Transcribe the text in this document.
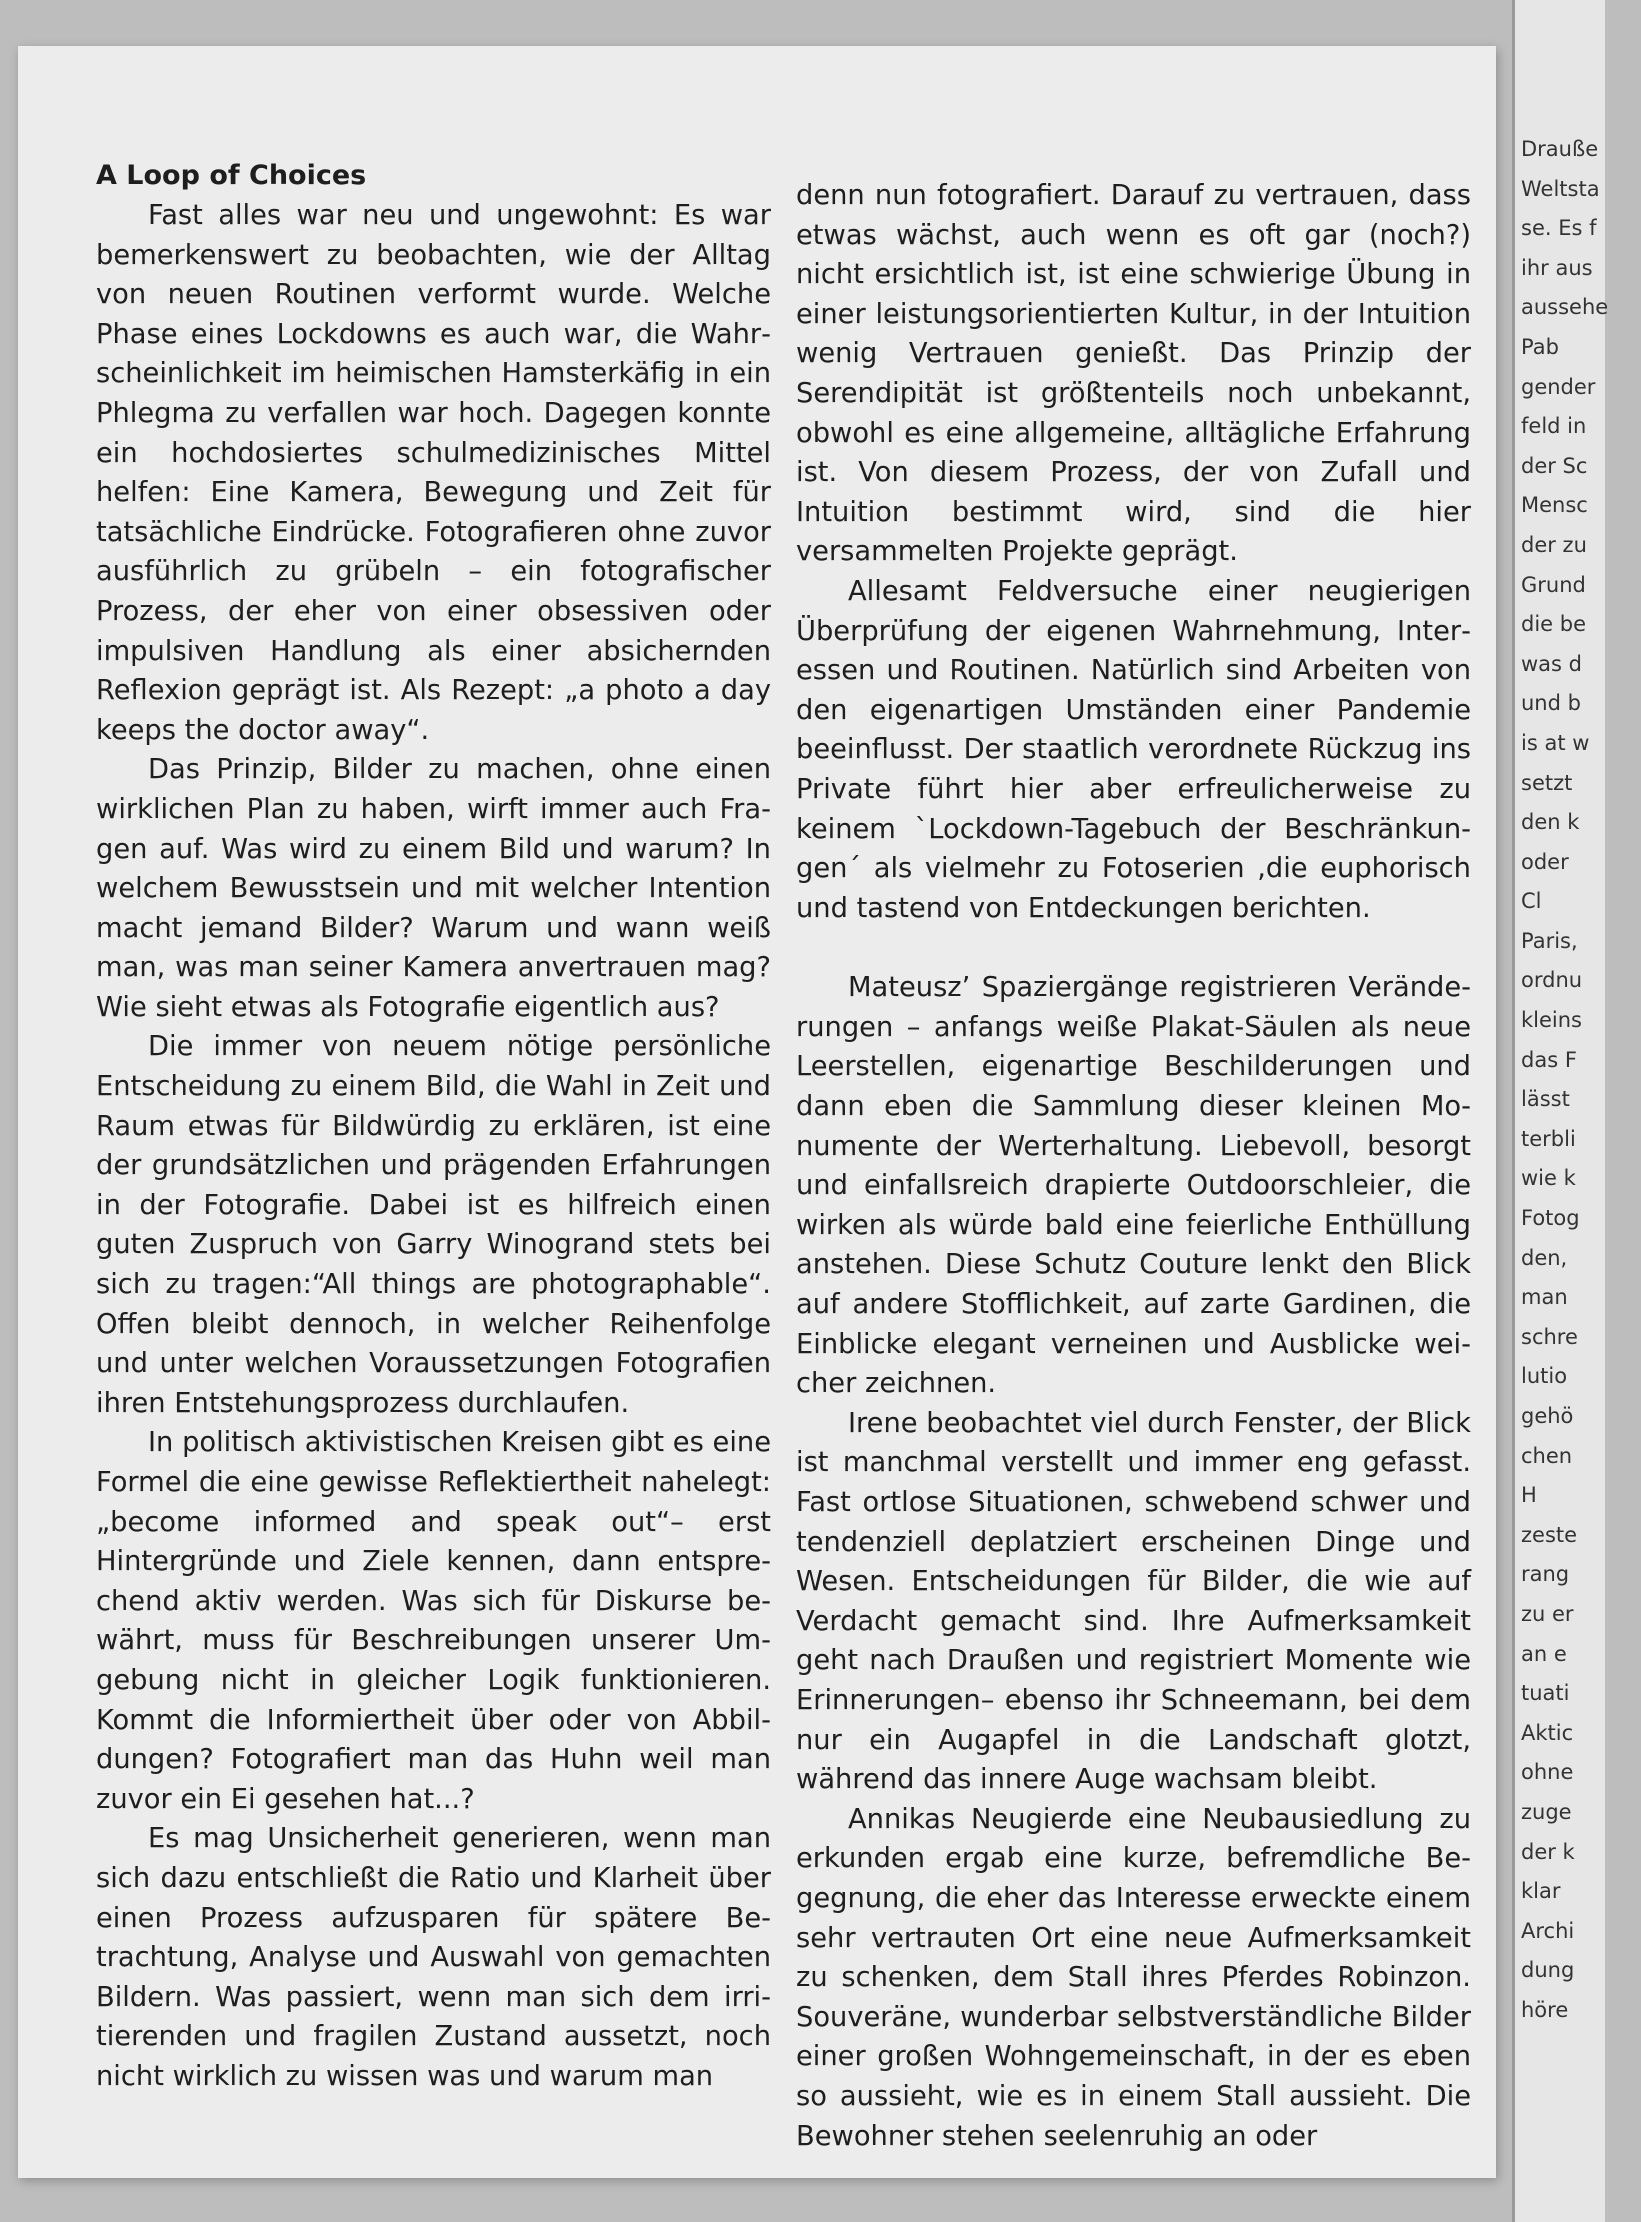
A Loop of Choices

Fast alles war neu und ungewohnt: Es war bemerkenswert zu beobachten, wie der Alltag von neuen Routinen verformt wurde. Welche Phase eines Lockdowns es auch war, die Wahrscheinlichkeit im heimischen Hamsterkäfig in ein Phlegma zu verfallen war hoch. Dagegen konnte ein hochdosiertes schulmedizinisches Mittel helfen: Eine Kamera, Bewegung und Zeit für tatsächliche Eindrücke. Fotografieren ohne zuvor ausführlich zu grübeln – ein fotografischer Prozess, der eher von einer obsessiven oder impulsiven Handlung als einer absichernden Reflexion geprägt ist. Als Rezept: „a photo a day keeps the doctor away“.

Das Prinzip, Bilder zu machen, ohne einen wirklichen Plan zu haben, wirft immer auch Fragen auf. Was wird zu einem Bild und warum? In welchem Bewusstsein und mit welcher Intention macht jemand Bilder? Warum und wann weiß man, was man seiner Kamera anvertrauen mag? Wie sieht etwas als Fotografie eigentlich aus?

Die immer von neuem nötige persönliche Entscheidung zu einem Bild, die Wahl in Zeit und Raum etwas für Bildwürdig zu erklären, ist eine der grundsätzlichen und prägenden Erfahrungen in der Fotografie. Dabei ist es hilfreich einen guten Zuspruch von Garry Winogrand stets bei sich zu tragen:“All things are photographable“. Offen bleibt dennoch, in welcher Reihenfolge und unter welchen Voraussetzungen Fotografien ihren Entstehungsprozess durchlaufen.

In politisch aktivistischen Kreisen gibt es eine Formel die eine gewisse Reflektiertheit nahelegt: „become informed and speak out“– erst Hintergründe und Ziele kennen, dann entsprechend aktiv werden. Was sich für Diskurse bewährt, muss für Beschreibungen unserer Umgebung nicht in gleicher Logik funktionieren. Kommt die Informiertheit über oder von Abbildungen? Fotografiert man das Huhn weil man zuvor ein Ei gesehen hat...?

Es mag Unsicherheit generieren, wenn man sich dazu entschließt die Ratio und Klarheit über einen Prozess aufzusparen für spätere Betrachtung, Analyse und Auswahl von gemachten Bildern. Was passiert, wenn man sich dem irritierenden und fragilen Zustand aussetzt, noch nicht wirklich zu wissen was und warum man

denn nun fotografiert. Darauf zu vertrauen, dass etwas wächst, auch wenn es oft gar (noch?) nicht ersichtlich ist, ist eine schwierige Übung in einer leistungsorientierten Kultur, in der Intuition wenig Vertrauen genießt. Das Prinzip der Serendipität ist größtenteils noch unbekannt, obwohl es eine allgemeine, alltägliche Erfahrung ist. Von diesem Prozess, der von Zufall und Intuition bestimmt wird, sind die hier versammelten Projekte geprägt.

Allesamt Feldversuche einer neugierigen Überprüfung der eigenen Wahrnehmung, Interessen und Routinen. Natürlich sind Arbeiten von den eigenartigen Umständen einer Pandemie beeinflusst. Der staatlich verordnete Rückzug ins Private führt hier aber erfreulicherweise zu keinem `Lockdown-Tagebuch der Beschränkungen´ als vielmehr zu Fotoserien ,die euphorisch und tastend von Entdeckungen berichten.

Mateusz’ Spaziergänge registrieren Veränderungen – anfangs weiße Plakat-Säulen als neue Leerstellen, eigenartige Beschilderungen und dann eben die Sammlung dieser kleinen Monumente der Werterhaltung. Liebevoll, besorgt und einfallsreich drapierte Outdoorschleier, die wirken als würde bald eine feierliche Enthüllung anstehen. Diese Schutz Couture lenkt den Blick auf andere Stofflichkeit, auf zarte Gardinen, die Einblicke elegant verneinen und Ausblicke weicher zeichnen.

Irene beobachtet viel durch Fenster, der Blick ist manchmal verstellt und immer eng gefasst. Fast ortlose Situationen, schwebend schwer und tendenziell deplatziert erscheinen Dinge und Wesen. Entscheidungen für Bilder, die wie auf Verdacht gemacht sind. Ihre Aufmerksamkeit geht nach Draußen und registriert Momente wie Erinnerungen– ebenso ihr Schneemann, bei dem nur ein Augapfel in die Landschaft glotzt, während das innere Auge wachsam bleibt.

Annikas Neugierde eine Neubausiedlung zu erkunden ergab eine kurze, befremdliche Begegnung, die eher das Interesse erweckte einem sehr vertrauten Ort eine neue Aufmerksamkeit zu schenken, dem Stall ihres Pferdes Robinzon. Souveräne, wunderbar selbstverständliche Bilder einer großen Wohngemeinschaft, in der es eben so aussieht, wie es in einem Stall aussieht. Die Bewohner stehen seelenruhig an oder

Drauße
Weltsta
se. Es f
ihr aus
aussehe
Pab
gender
feld in
der Sc
Mensc
der zu
Grund
die be
was d
und b
is at w
setzt
den k
oder
Cl
Paris,
ordnu
kleins
das F
lässt
terbli
wie k
Fotog
den,
man
schre
lutio
gehö
chen
H
zeste
rang
zu er
an e
tuati
Aktic
ohne
zuge
der k
klar
Archi
dung
höre
